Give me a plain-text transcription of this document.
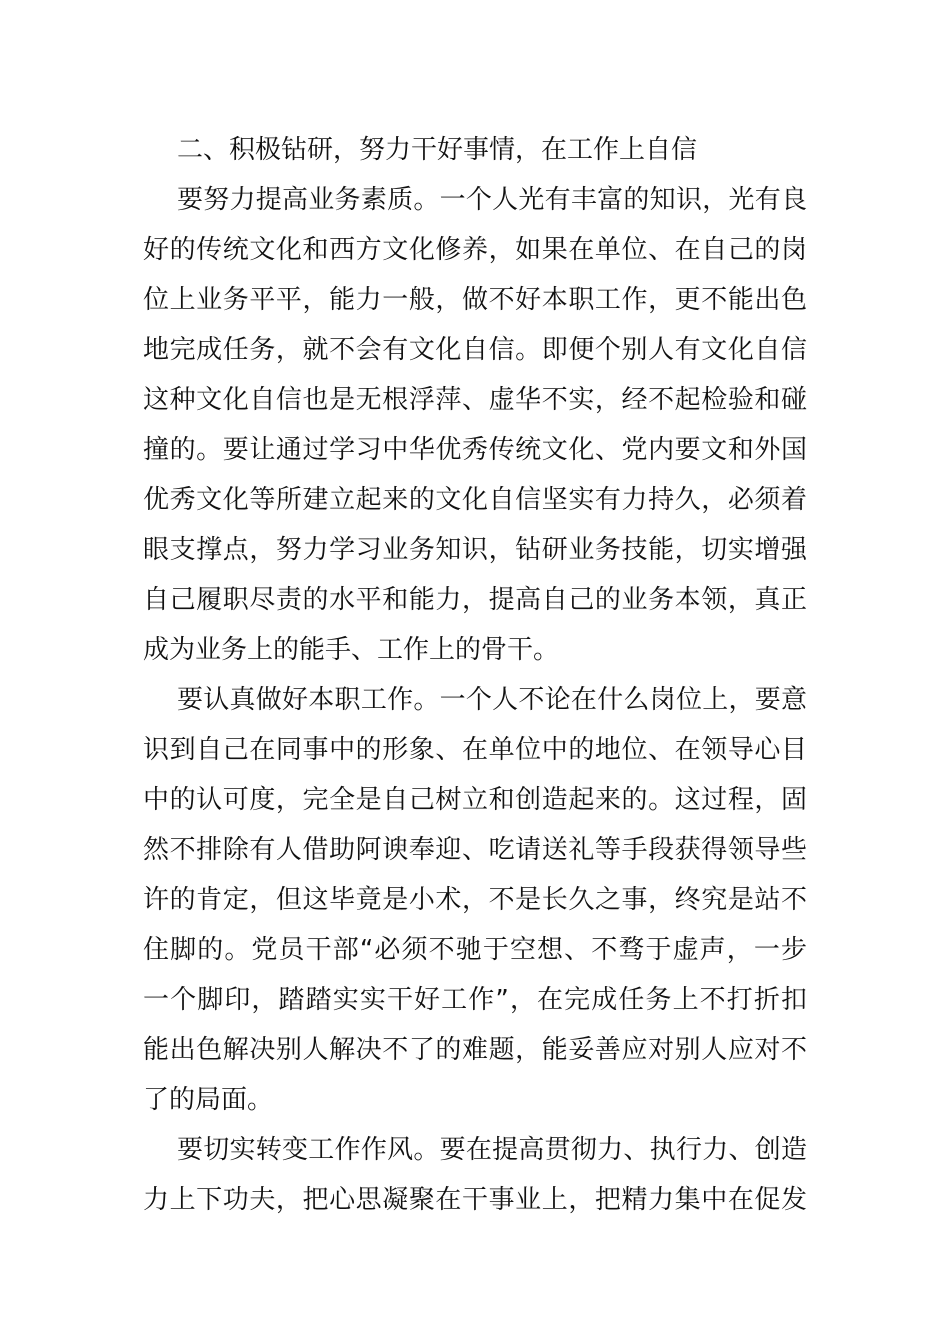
二、积极钻研，努力干好事情，在工作上自信
要努力提高业务素质。一个人光有丰富的知识，光有良
好的传统文化和西方文化修养，如果在单位、在自己的岗
位上业务平平，能力一般，做不好本职工作，更不能出色
地完成任务，就不会有文化自信。即便个别人有文化自信
这种文化自信也是无根浮萍、虚华不实，经不起检验和碰
撞的。要让通过学习中华优秀传统文化、党内要文和外国
优秀文化等所建立起来的文化自信坚实有力持久，必须着
眼支撑点，努力学习业务知识，钻研业务技能，切实增强
自己履职尽责的水平和能力，提高自己的业务本领，真正
成为业务上的能手、工作上的骨干。
要认真做好本职工作。一个人不论在什么岗位上，要意
识到自己在同事中的形象、在单位中的地位、在领导心目
中的认可度，完全是自己树立和创造起来的。这过程，固
然不排除有人借助阿谀奉迎、吃请送礼等手段获得领导些
许的肯定，但这毕竟是小术，不是长久之事，终究是站不
住脚的。党员干部“必须不驰于空想、不骛于虚声，一步
一个脚印，踏踏实实干好工作”，在完成任务上不打折扣
能出色解决别人解决不了的难题，能妥善应对别人应对不
了的局面。
要切实转变工作作风。要在提高贯彻力、执行力、创造
力上下功夫，把心思凝聚在干事业上，把精力集中在促发
